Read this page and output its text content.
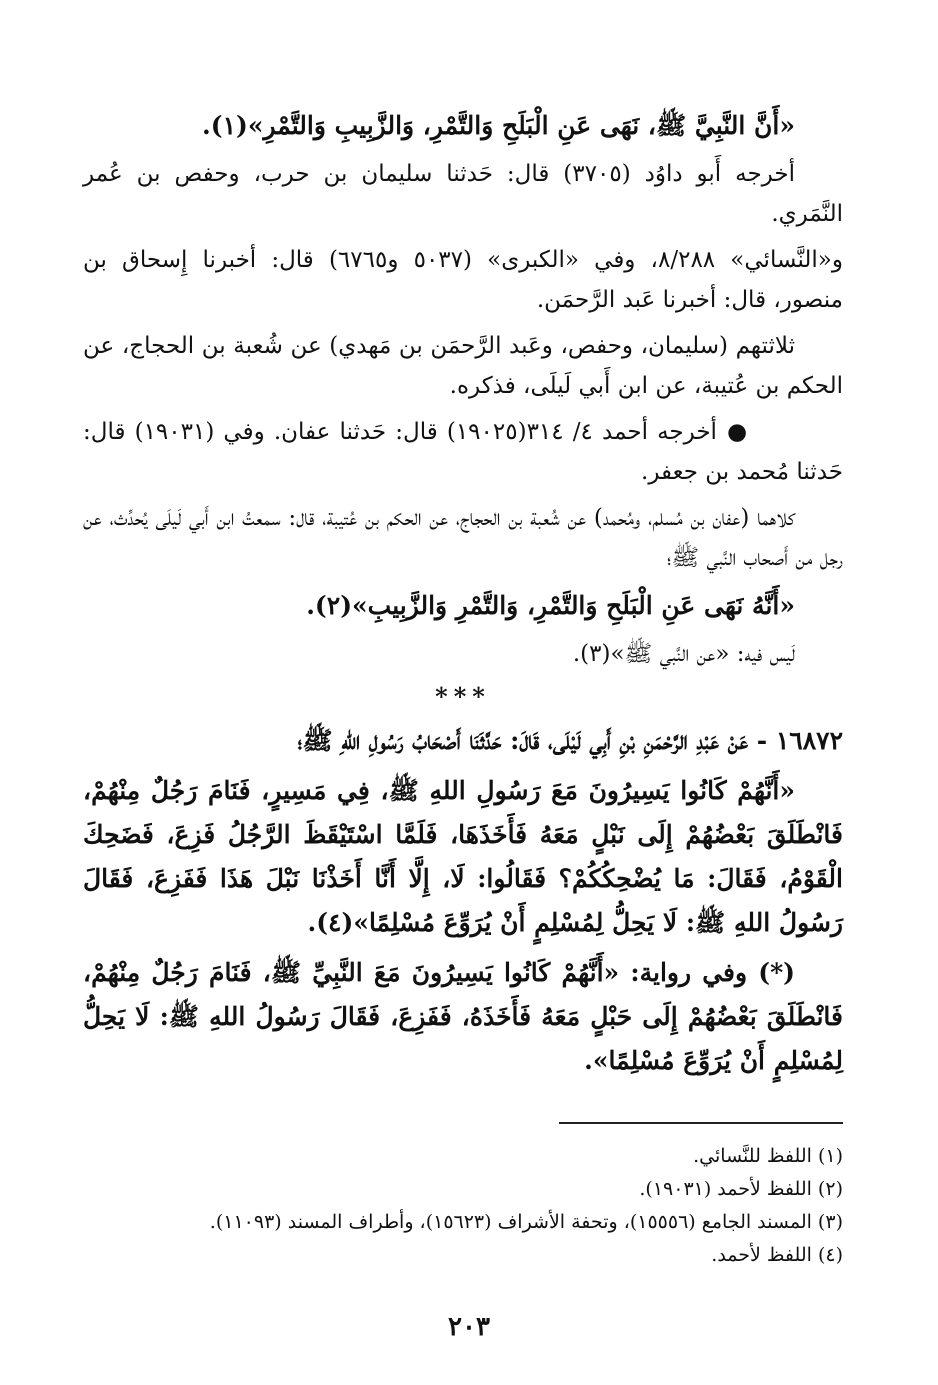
«أَنَّ النَّبِيَّ ﷺ، نَهَى عَنِ الْبَلَحِ وَالتَّمْرِ، وَالزَّبِيبِ وَالتَّمْرِ»(١).

أخرجه أَبو داوُد (٣٧٠٥) قال: حَدثنا سليمان بن حرب، وحفص بن عُمر النَّمَري.

و«النَّسائي» ٨/٢٨٨، وفي «الكبرى» (٥٠٣٧ و٦٧٦٥) قال: أخبرنا إِسحاق بن منصور، قال: أخبرنا عَبد الرَّحمَن.

ثلاثتهم (سليمان، وحفص، وعَبد الرَّحمَن بن مَهدي) عن شُعبة بن الحجاج، عن الحكم بن عُتيبة، عن ابن أَبي لَيلَى، فذكره.

●أخرجه أحمد ٤/ ٣١٤(١٩٠٢٥) قال: حَدثنا عفان. وفي (١٩٠٣١) قال: حَدثنا مُحمد بن جعفر.

كلاهما (عفان بن مُسلم، ومُحمد) عن شُعبة بن الحجاج، عن الحكم بن عُتيبة، قال: سمعتُ ابن أَبي لَيلَى يُحدِّث، عن رجل من أَصحاب النَّبي ﷺ؛

«أَنَّهُ نَهَى عَنِ الْبَلَحِ وَالتَّمْرِ، وَالتَّمْرِ وَالزَّبِيبِ»(٢).

لَيس فيه: «عن النَّبي ﷺ»(٣).

***

١٦٨٧٢ - عَنْ عَبْدِ الرَّحْمَنِ بْنِ أَبِي لَيْلَى، قَالَ: حَدَّثَنَا أَصْحَابُ رَسُولِ اللهِ ﷺ؛

«أَنَّهُمْ كَانُوا يَسِيرُونَ مَعَ رَسُولِ اللهِ ﷺ، فِي مَسِيرٍ، فَنَامَ رَجُلٌ مِنْهُمْ، فَانْطَلَقَ بَعْضُهُمْ إِلَى نَبْلٍ مَعَهُ فَأَخَذَهَا، فَلَمَّا اسْتَيْقَظَ الرَّجُلُ فَزِعَ، فَضَحِكَ الْقَوْمُ، فَقَالَ: مَا يُضْحِكُكُمْ؟ فَقَالُوا: لَا، إِلَّا أَنَّا أَخَذْنَا نَبْلَ هَذَا فَفَزِعَ، فَقَالَ رَسُولُ اللهِ ﷺ: لَا يَحِلُّ لِمُسْلِمٍ أَنْ يُرَوِّعَ مُسْلِمًا»(٤).

(*) وفي رواية: «أَنَّهُمْ كَانُوا يَسِيرُونَ مَعَ النَّبِيِّ ﷺ، فَنَامَ رَجُلٌ مِنْهُمْ، فَانْطَلَقَ بَعْضُهُمْ إِلَى حَبْلٍ مَعَهُ فَأَخَذَهُ، فَفَزِعَ، فَقَالَ رَسُولُ اللهِ ﷺ: لَا يَحِلُّ لِمُسْلِمٍ أَنْ يُرَوِّعَ مُسْلِمًا».

(١) اللفظ للنَّسائي.
(٢) اللفظ لأحمد (١٩٠٣١).
(٣) المسند الجامع (١٥٥٥٦)، وتحفة الأشراف (١٥٦٢٣)، وأطراف المسند (١١٠٩٣).
(٤) اللفظ لأحمد.
٢٠٣
